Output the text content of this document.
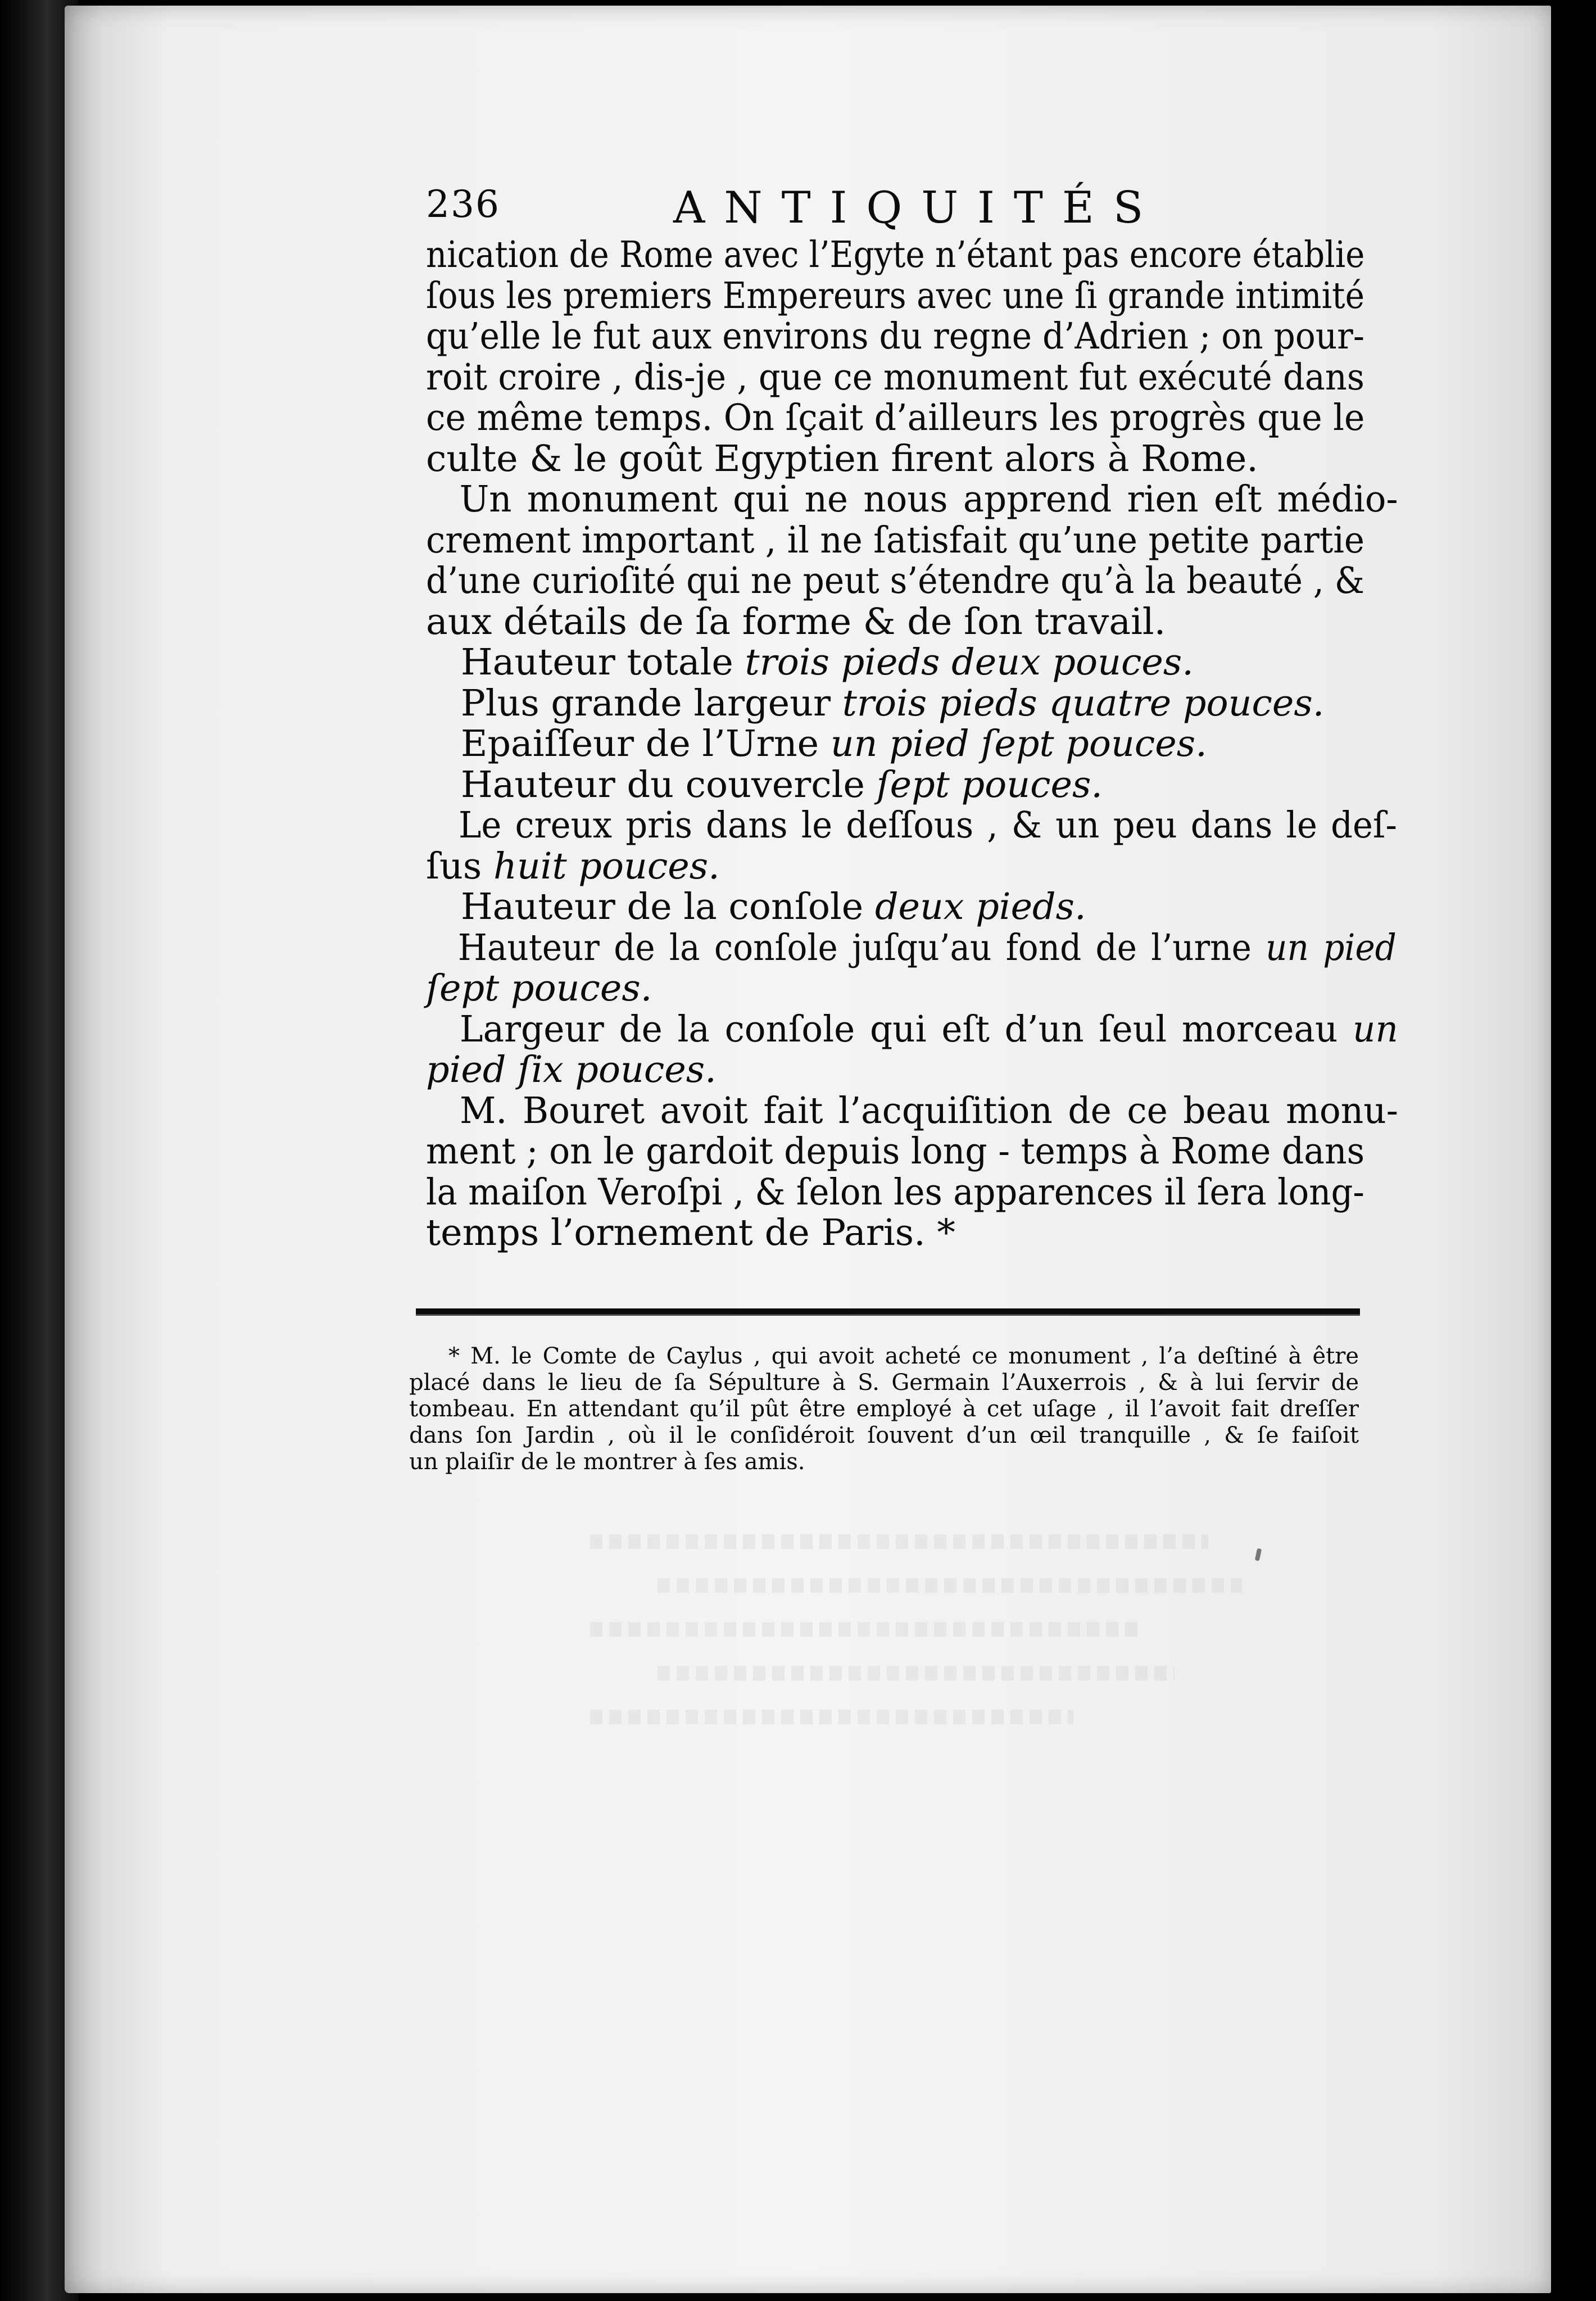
236	ANTIQUITÉS
nication de Rome avec l’Egyte n’étant pas encore établie
ſous les premiers Empereurs avec une ſi grande intimité
qu’elle le fut aux environs du regne d’Adrien ; on pour-
roit croire , dis-je , que ce monument fut exécuté dans
ce même temps. On ſçait d’ailleurs les progrès que le
culte & le goût Egyptien firent alors à Rome.
Un monument qui ne nous apprend rien eſt médio-
crement important , il ne ſatisfait qu’une petite partie
d’une curioſité qui ne peut s’étendre qu’à la beauté , &
aux détails de ſa forme & de ſon travail.
Hauteur totale trois pieds deux pouces.
Plus grande largeur trois pieds quatre pouces.
Epaiſſeur de l’Urne un pied ſept pouces.
Hauteur du couvercle ſept pouces.
Le creux pris dans le deſſous , & un peu dans le deſ-
ſus huit pouces.
Hauteur de la conſole deux pieds.
Hauteur de la conſole juſqu’au fond de l’urne un pied
ſept pouces.
Largeur de la conſole qui eſt d’un ſeul morceau un
pied ſix pouces.
M. Bouret avoit fait l’acquiſition de ce beau monu-
ment ; on le gardoit depuis long - temps à Rome dans
la maiſon Veroſpi , & ſelon les apparences il ſera long-
temps l’ornement de Paris. *
* M. le Comte de Caylus , qui avoit acheté ce monument , l’a deſtiné à être
placé dans le lieu de ſa Sépulture à S. Germain l’Auxerrois , & à lui ſervir de
tombeau. En attendant qu’il pût être employé à cet uſage , il l’avoit fait dreſſer
dans ſon Jardin , où il le conſidéroit ſouvent d’un œil tranquille , & ſe faiſoit
un plaiſir de le montrer à ſes amis.
